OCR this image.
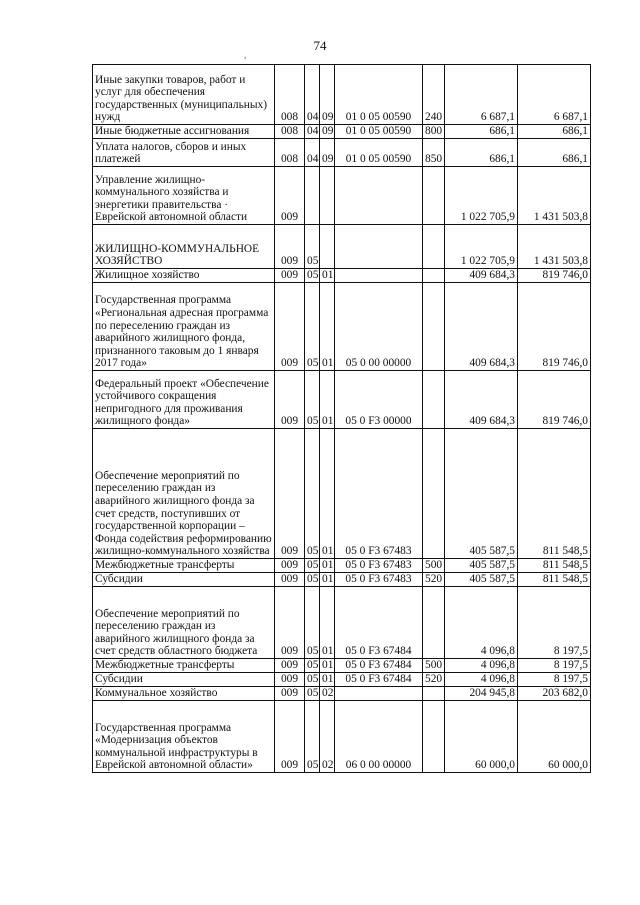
74
,
Иные закупки товаров, работ и услуг для обеспечения государственных (муниципальных) нужд	008	04	09	01 0 05 00590	240	6 687,1	6 687,1
Иные бюджетные ассигнования	008	04	09	01 0 05 00590	800	686,1	686,1
Уплата налогов, сборов и иных платежей	008	04	09	01 0 05 00590	850	686,1	686,1
Управление жилищно-коммунального хозяйства и энергетики правительства · Еврейской автономной области	009					1 022 705,9	1 431 503,8
ЖИЛИЩНО-КОММУНАЛЬНОЕ ХОЗЯЙСТВО	009	05				1 022 705,9	1 431 503,8
Жилищное хозяйство	009	05	01			409 684,3	819 746,0
Государственная программа «Региональная адресная программа по переселению граждан из аварийного жилищного фонда, признанного таковым до 1 января 2017 года»	009	05	01	05 0 00 00000		409 684,3	819 746,0
Федеральный проект «Обеспечение устойчивого сокращения непригодного для проживания жилищного фонда»	009	05	01	05 0 F3 00000		409 684,3	819 746,0
Обеспечение мероприятий по переселению граждан из аварийного жилищного фонда за счет средств, поступивших от государственной корпорации – Фонда содействия реформированию жилищно-коммунального хозяйства	009	05	01	05 0 F3 67483		405 587,5	811 548,5
Межбюджетные трансферты	009	05	01	05 0 F3 67483	500	405 587,5	811 548,5
Субсидии	009	05	01	05 0 F3 67483	520	405 587,5	811 548,5
Обеспечение мероприятий по переселению граждан из аварийного жилищного фонда за счет средств областного бюджета	009	05	01	05 0 F3 67484		4 096,8	8 197,5
Межбюджетные трансферты	009	05	01	05 0 F3 67484	500	4 096,8	8 197,5
Субсидии	009	05	01	05 0 F3 67484	520	4 096,8	8 197,5
Коммунальное хозяйство	009	05	02			204 945,8	203 682,0
Государственная программа «Модернизация объектов коммунальной инфраструктуры в Еврейской автономной области»	009	05	02	06 0 00 00000		60 000,0	60 000,0
